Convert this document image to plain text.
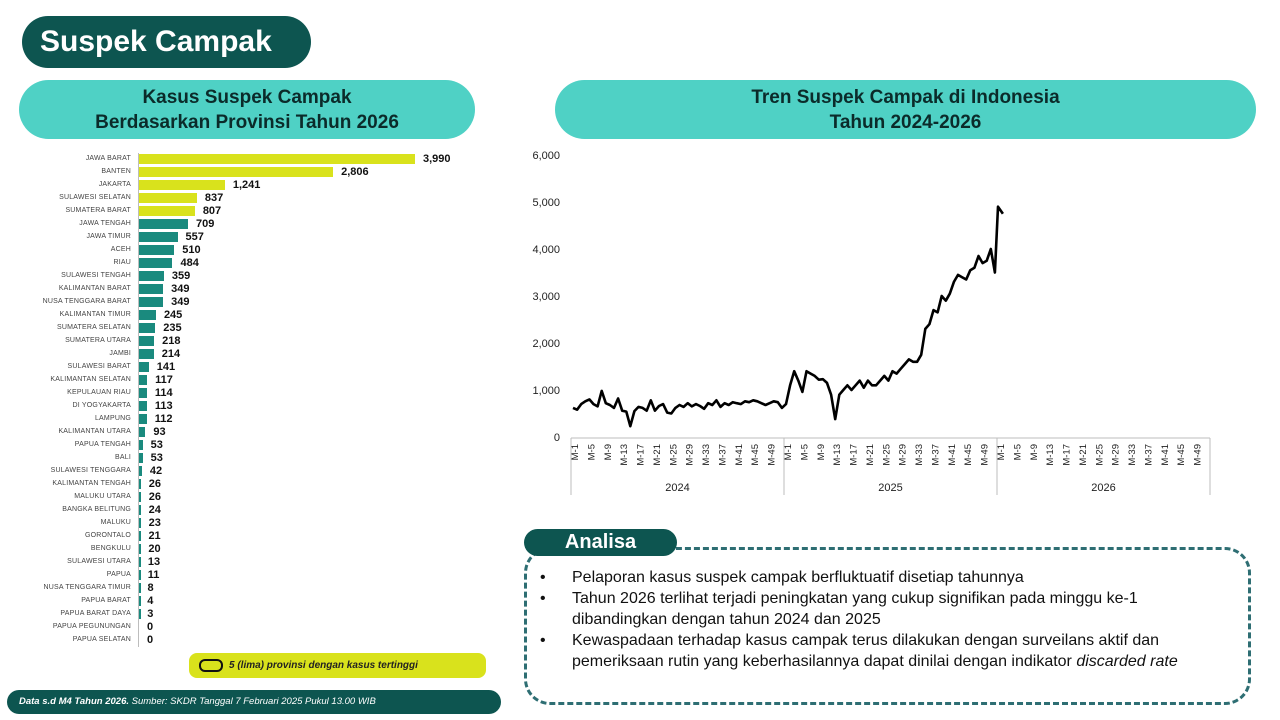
Suspek Campak
Kasus Suspek Campak
Berdasarkan Provinsi Tahun 2026
Tren Suspek Campak di Indonesia
Tahun 2024-2026
JAWA BARAT	3,990
BANTEN	2,806
JAKARTA	1,241
SULAWESI SELATAN	837
SUMATERA BARAT	807
JAWA TENGAH	709
JAWA TIMUR	557
ACEH	510
RIAU	484
SULAWESI TENGAH	359
KALIMANTAN BARAT	349
NUSA TENGGARA BARAT	349
KALIMANTAN TIMUR	245
SUMATERA SELATAN	235
SUMATERA UTARA	218
JAMBI	214
SULAWESI BARAT 141
KALIMANTAN SELATAN 117
KEPULAUAN RIAU 114
DI YOGYAKARTA 113
LAMPUNG 112
KALIMANTAN UTARA 93
PAPUA TENGAH 53
BALI 53
SULAWESI TENGGARA 42
KALIMANTAN TENGAH 26
MALUKU UTARA 26
BANGKA BELITUNG 24
MALUKU 23
GORONTALO 21
BENGKULU 20
SULAWESI UTARA 13
PAPUA 11
NUSA TENGGARA TIMUR 8
PAPUA BARAT 4
PAPUA BARAT DAYA 3
PAPUA PEGUNUNGAN 0
PAPUA SELATAN 0
5 (lima) provinsi dengan kasus tertinggi
Data s.d M4 Tahun 2026. Sumber: SKDR Tanggal 7 Februari 2025 Pukul 13.00 WIB
0
1,000
2,000
3,000
4,000
5,000
6,000
2024	2025	2026
M-1 M-5 M-9 M-13 M-17 M-21 M-25 M-29 M-33 M-37 M-41 M-45 M-49 M-1 M-5 M-9 M-13 M-17 M-21 M-25 M-29 M-33 M-37 M-41 M-45 M-49 M-1 M-5 M-9 M-13 M-17 M-21 M-25 M-29 M-33 M-37 M-41 M-45 M-49
Analisa
• Pelaporan kasus suspek campak berfluktuatif disetiap tahunnya
• Tahun 2026 terlihat terjadi peningkatan yang cukup signifikan pada minggu ke-1 dibandingkan dengan tahun 2024 dan 2025
• Kewaspadaan terhadap kasus campak terus dilakukan dengan surveilans aktif dan pemeriksaan rutin yang keberhasilannya dapat dinilai dengan indikator discarded rate
